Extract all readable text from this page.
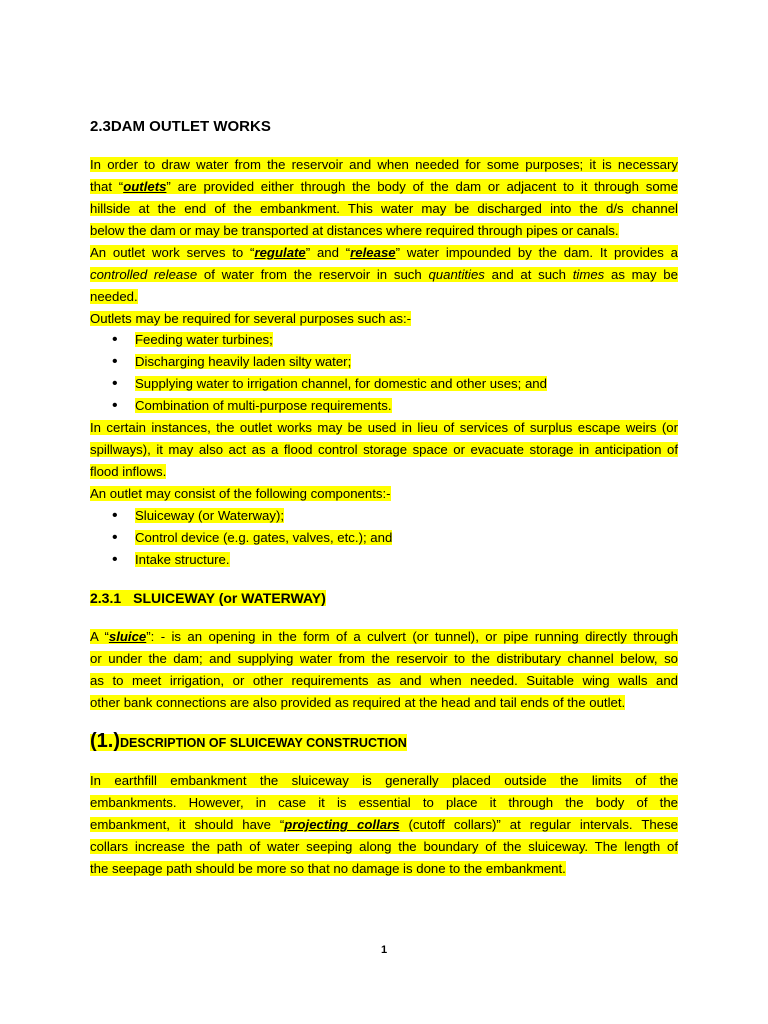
2.3DAM OUTLET WORKS
In order to draw water from the reservoir and when needed for some purposes; it is necessary
that “outlets” are provided either through the body of the dam or adjacent to it through some
hillside at the end of the embankment. This water may be discharged into the d/s channel
below the dam or may be transported at distances where required through pipes or canals.
An outlet work serves to “regulate” and “release” water impounded by the dam. It provides a
controlled release of water from the reservoir in such quantities and at such times as may be
needed.
Outlets may be required for several purposes such as:-
• Feeding water turbines;
• Discharging heavily laden silty water;
• Supplying water to irrigation channel, for domestic and other uses; and
• Combination of multi-purpose requirements.
In certain instances, the outlet works may be used in lieu of services of surplus escape weirs (or
spillways), it may also act as a flood control storage space or evacuate storage in anticipation of
flood inflows.
An outlet may consist of the following components:-
• Sluiceway (or Waterway);
• Control device (e.g. gates, valves, etc.); and
• Intake structure.
2.3.1 SLUICEWAY (or WATERWAY)
A “sluice”: - is an opening in the form of a culvert (or tunnel), or pipe running directly through
or under the dam; and supplying water from the reservoir to the distributary channel below, so
as to meet irrigation, or other requirements as and when needed. Suitable wing walls and
other bank connections are also provided as required at the head and tail ends of the outlet.
(1.)DESCRIPTION OF SLUICEWAY CONSTRUCTION
In earthfill embankment the sluiceway is generally placed outside the limits of the
embankments. However, in case it is essential to place it through the body of the
embankment, it should have “projecting collars (cutoff collars)” at regular intervals. These
collars increase the path of water seeping along the boundary of the sluiceway. The length of
the seepage path should be more so that no damage is done to the embankment.
1
